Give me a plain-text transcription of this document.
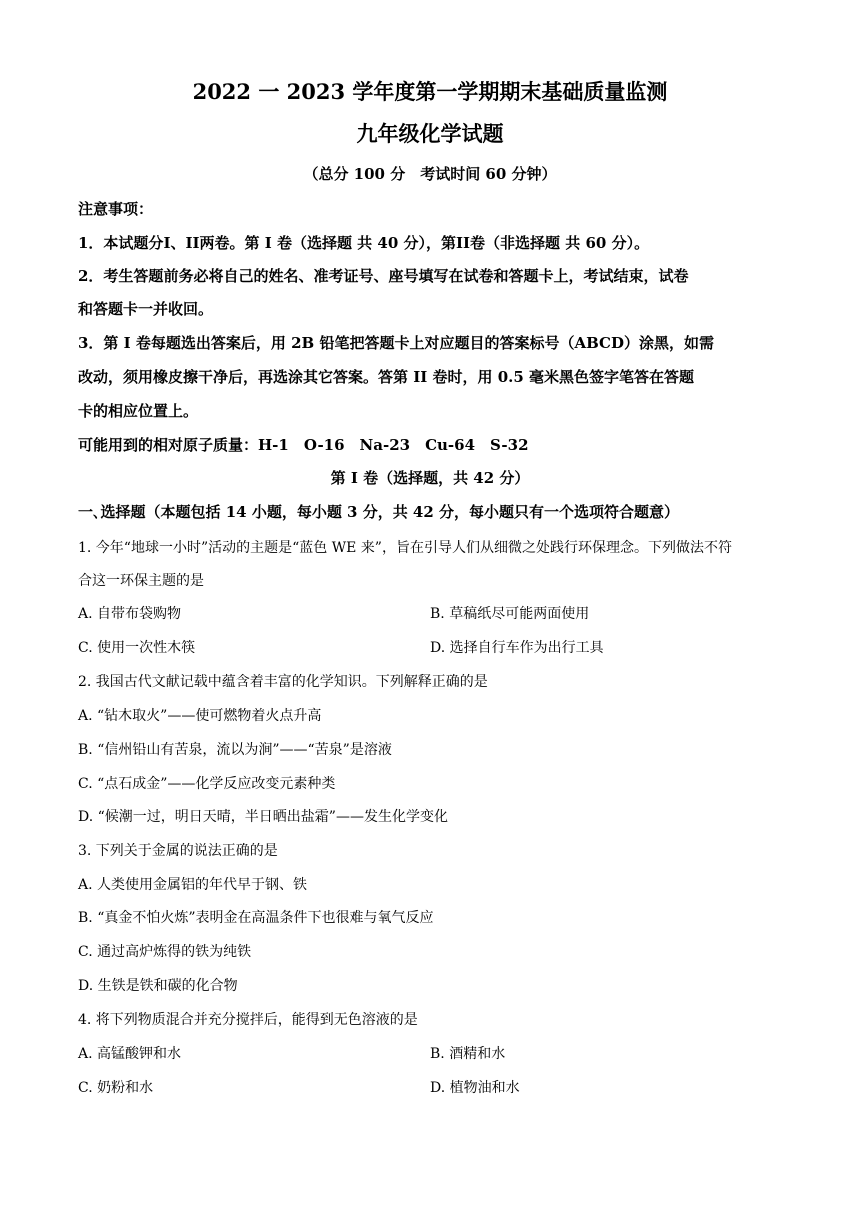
2022 一 2023 学年度第一学期期末基础质量监测
九年级化学试题
（总分 100 分　考试时间 60 分钟）
注意事项：
1．本试题分I、II两卷。第 I 卷（选择题 共 40 分），第II卷（非选择题 共 60 分）。
2．考生答题前务必将自己的姓名、准考证号、座号填写在试卷和答题卡上，考试结束，试卷
和答题卡一并收回。
3．第 I 卷每题选出答案后，用 2B 铅笔把答题卡上对应题目的答案标号（ABCD）涂黑，如需
改动，须用橡皮擦干净后，再选涂其它答案。答第 II 卷时，用 0.5 毫米黑色签字笔答在答题
卡的相应位置上。
可能用到的相对原子质量：H-1　O-16　Na-23　Cu-64　S-32
第 I 卷（选择题，共 42 分）
一､选择题（本题包括 14 小题，每小题 3 分，共 42 分，每小题只有一个选项符合题意）
1. 今年“地球一小时”活动的主题是“蓝色 WE 来”，旨在引导人们从细微之处践行环保理念。下列做法不符
合这一环保主题的是
A. 自带布袋购物	B. 草稿纸尽可能两面使用
C. 使用一次性木筷	D. 选择自行车作为出行工具
2. 我国古代文献记载中蕴含着丰富的化学知识。下列解释正确的是
A. “钻木取火”——使可燃物着火点升高
B. “信州铅山有苦泉，流以为涧”——“苦泉”是溶液
C. “点石成金”——化学反应改变元素种类
D. “候潮一过，明日天晴，半日晒出盐霜”——发生化学变化
3. 下列关于金属的说法正确的是
A. 人类使用金属铝的年代早于钢、铁
B. “真金不怕火炼”表明金在高温条件下也很难与氧气反应
C. 通过高炉炼得的铁为纯铁
D. 生铁是铁和碳的化合物
4. 将下列物质混合并充分搅拌后，能得到无色溶液的是
A. 高锰酸钾和水	B. 酒精和水
C. 奶粉和水	D. 植物油和水
